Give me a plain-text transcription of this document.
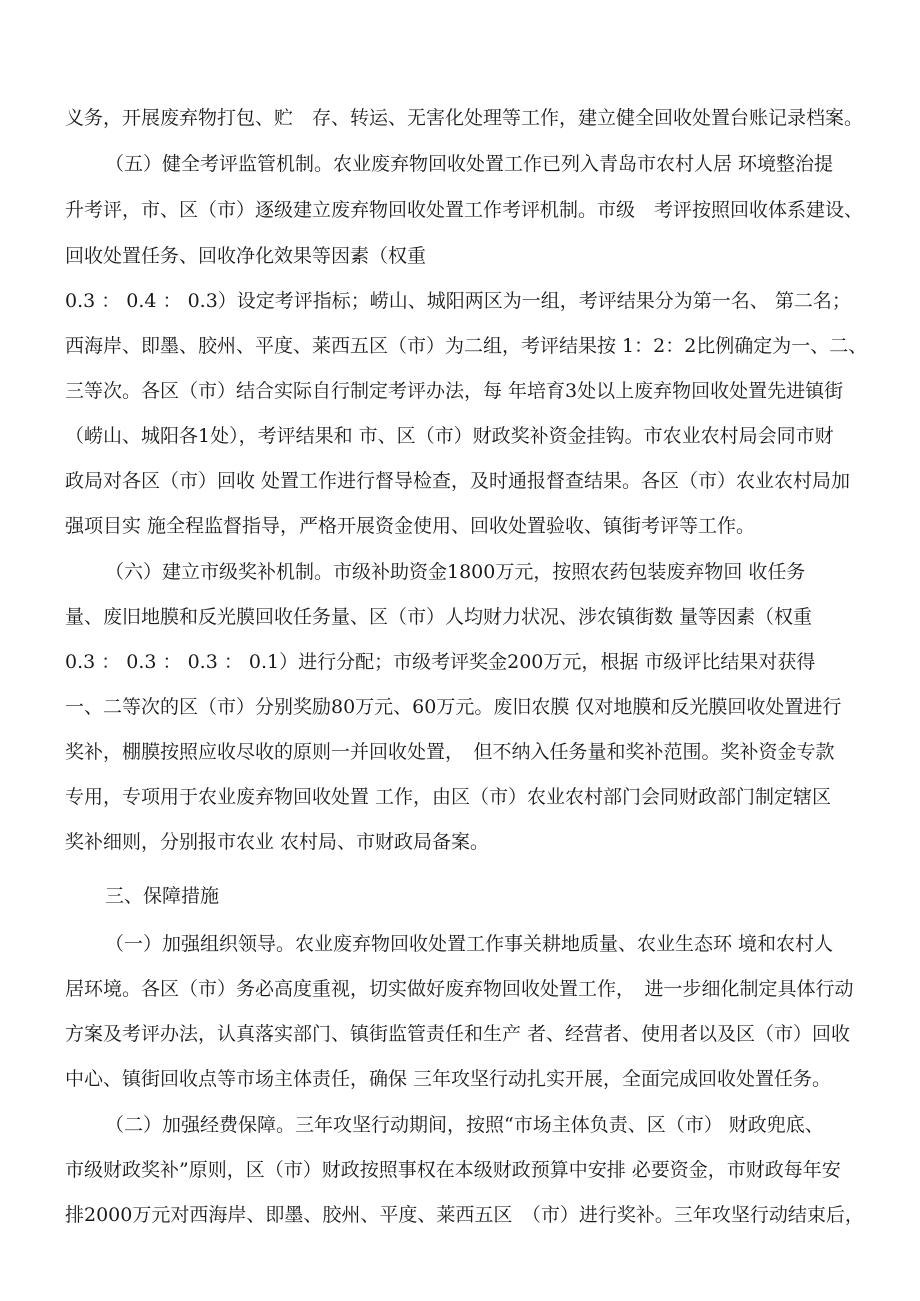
义务，开展废弃物打包、贮　存、转运、无害化处理等工作，建立健全回收处置台账记录档案。
（五）健全考评监管机制。农业废弃物回收处置工作已列入青岛市农村人居 环境整治提
升考评，市、区（市）逐级建立废弃物回收处置工作考评机制。市级　考评按照回收体系建设、
回收处置任务、回收净化效果等因素（权重
0.3 ： 0.4 ： 0.3）设定考评指标；崂山、城阳两区为一组，考评结果分为第一名、 第二名；
西海岸、即墨、胶州、平度、莱西五区（市）为二组，考评结果按 1：2：2比例确定为一、二、
三等次。各区（市）结合实际自行制定考评办法，每 年培育3处以上废弃物回收处置先进镇街
（崂山、城阳各1处），考评结果和 市、区（市）财政奖补资金挂钩。市农业农村局会同市财
政局对各区（市）回收 处置工作进行督导检查，及时通报督查结果。各区（市）农业农村局加
强项目实 施全程监督指导，严格开展资金使用、回收处置验收、镇街考评等工作。
（六）建立市级奖补机制。市级补助资金1800万元，按照农药包装废弃物回 收任务
量、废旧地膜和反光膜回收任务量、区（市）人均财力状况、涉农镇街数 量等因素（权重
0.3 ： 0.3 ： 0.3 ： 0.1）进行分配；市级考评奖金200万元，根据 市级评比结果对获得
一、二等次的区（市）分别奖励80万元、60万元。废旧农膜 仅对地膜和反光膜回收处置进行
奖补，棚膜按照应收尽收的原则一并回收处置，　但不纳入任务量和奖补范围。奖补资金专款
专用，专项用于农业废弃物回收处置 工作，由区（市）农业农村部门会同财政部门制定辖区
奖补细则，分别报市农业 农村局、市财政局备案。
三、保障措施
（一）加强组织领导。农业废弃物回收处置工作事关耕地质量、农业生态环 境和农村人
居环境。各区（市）务必高度重视，切实做好废弃物回收处置工作，　进一步细化制定具体行动
方案及考评办法，认真落实部门、镇街监管责任和生产 者、经营者、使用者以及区（市）回收
中心、镇街回收点等市场主体责任，确保 三年攻坚行动扎实开展，全面完成回收处置任务。
（二）加强经费保障。三年攻坚行动期间，按照“市场主体负责、区（市） 财政兜底、
市级财政奖补”原则，区（市）财政按照事权在本级财政预算中安排 必要资金，市财政每年安
排2000万元对西海岸、即墨、胶州、平度、莱西五区　（市）进行奖补。三年攻坚行动结束后，
